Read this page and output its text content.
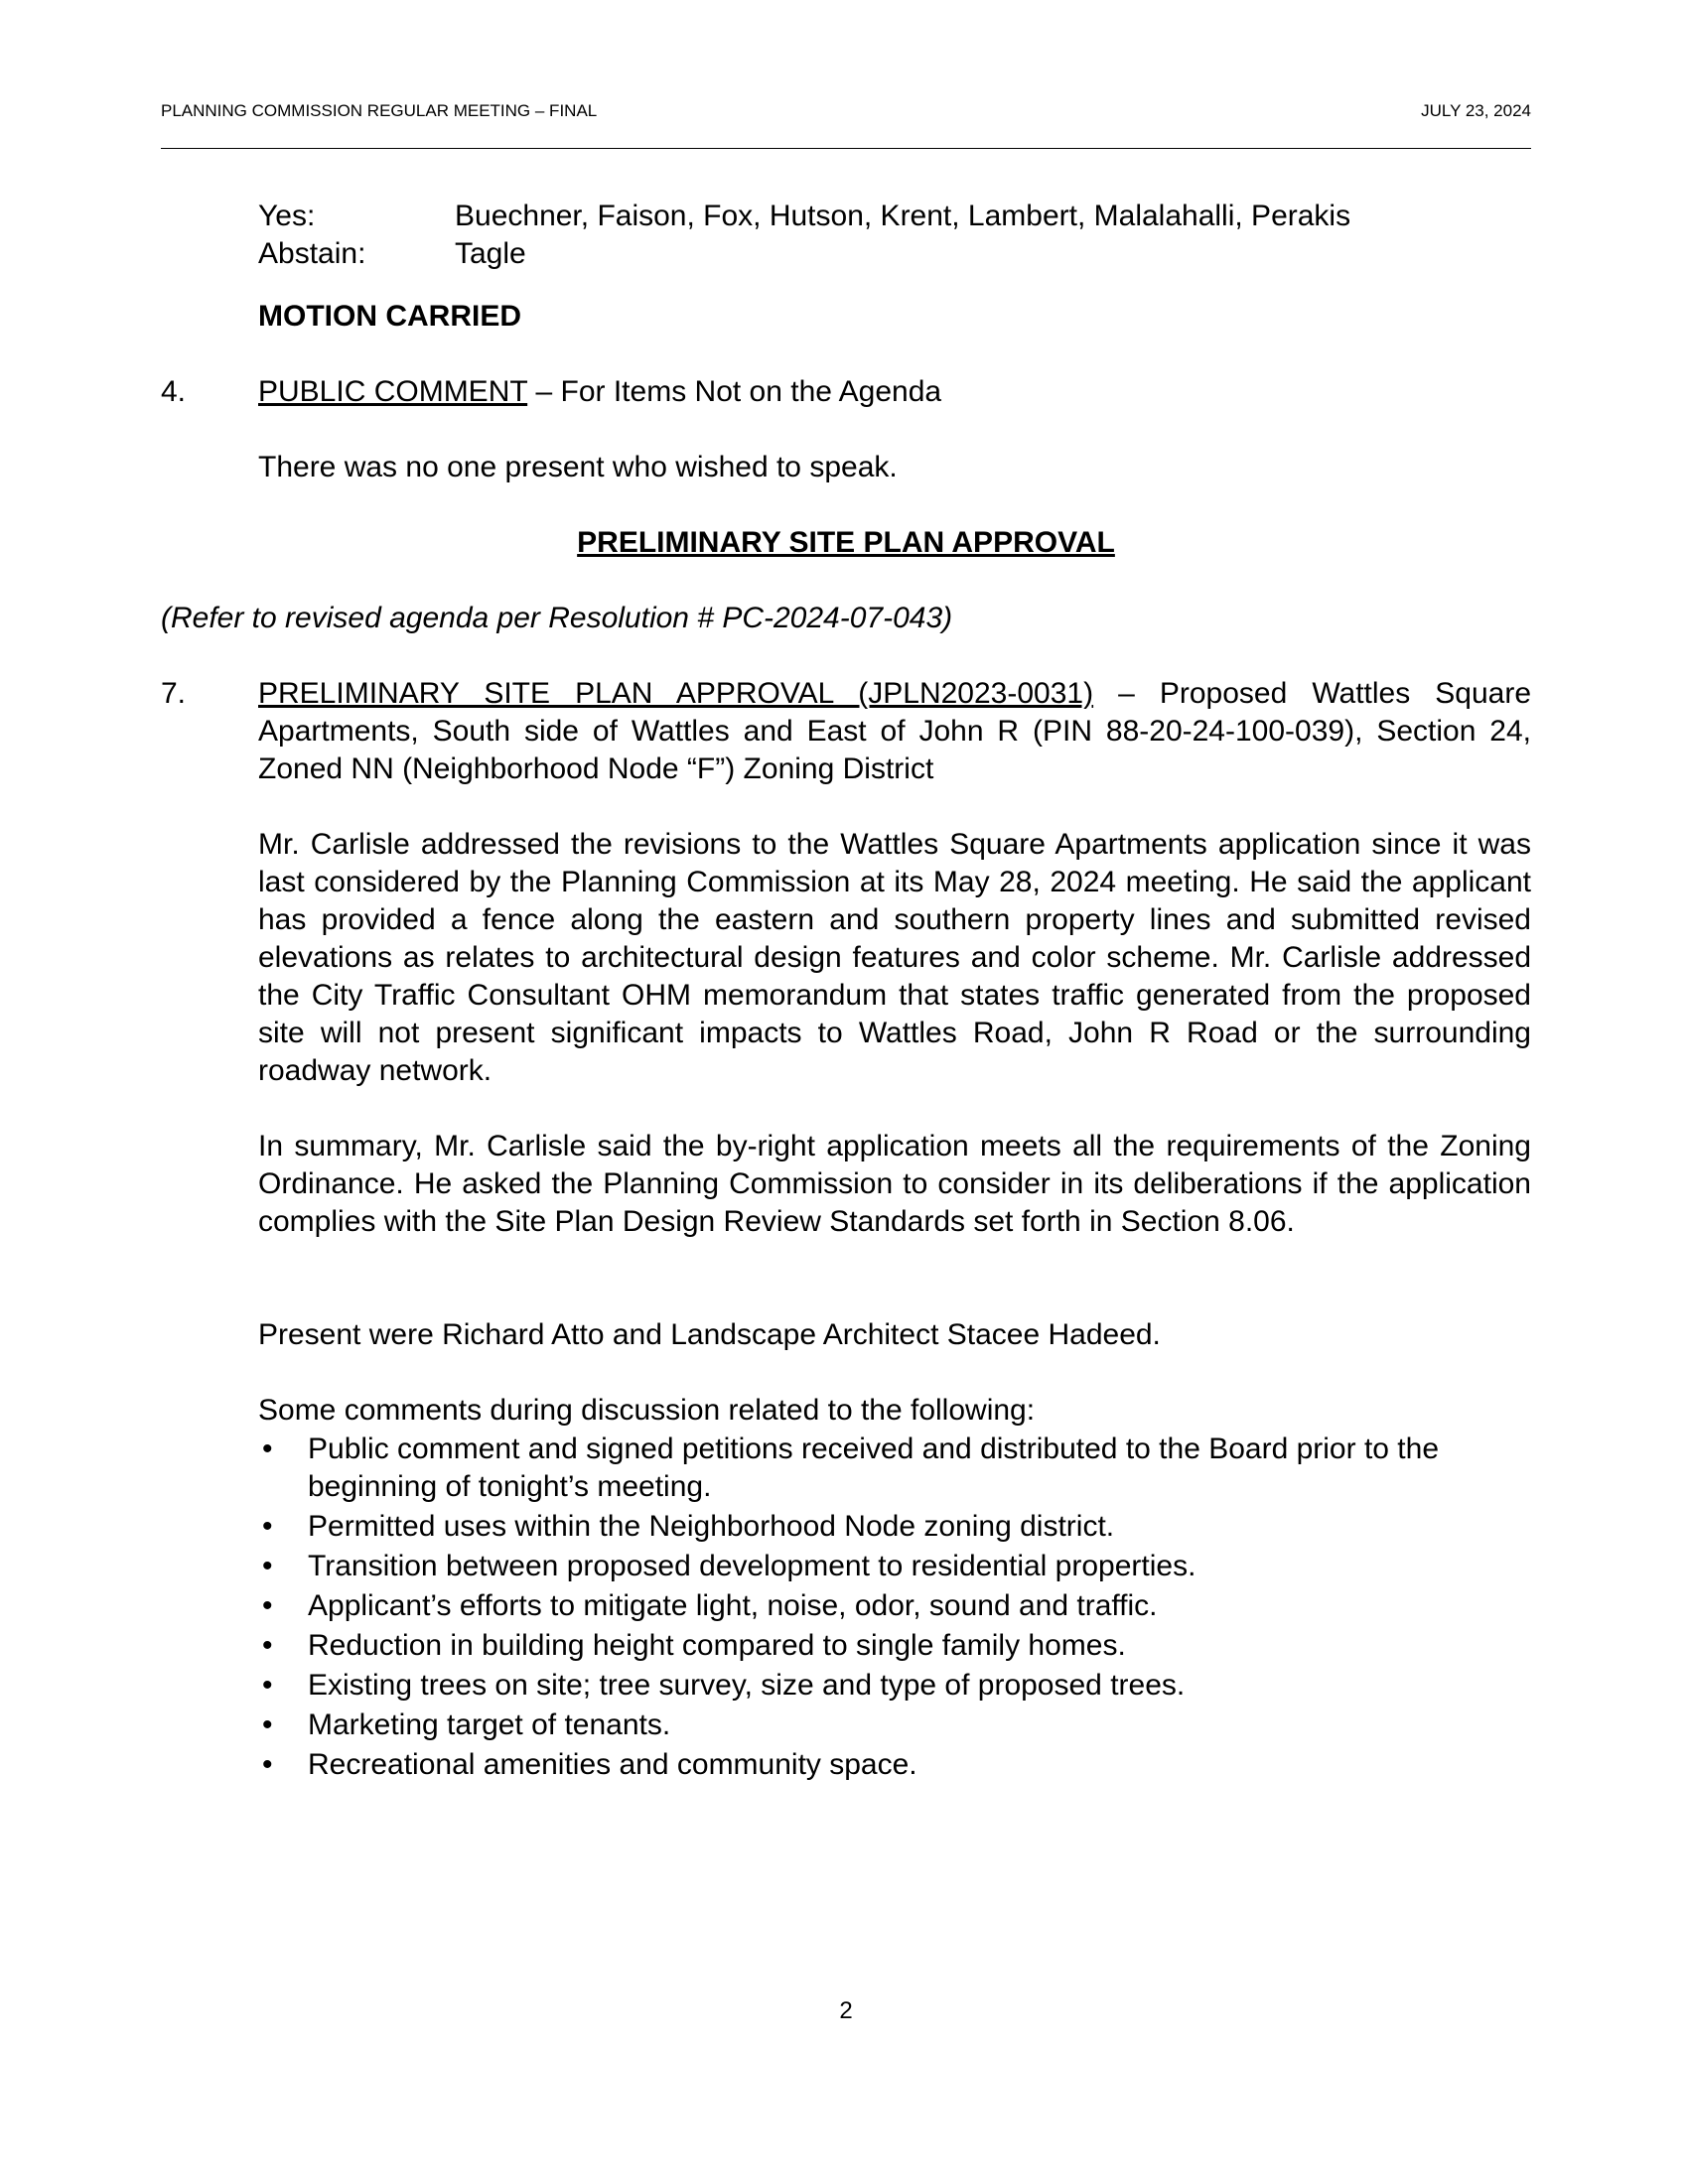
PLANNING COMMISSION REGULAR MEETING – FINAL	JULY 23, 2024
Yes:	Buechner, Faison, Fox, Hutson, Krent, Lambert, Malalahalli, Perakis
Abstain:	Tagle
MOTION CARRIED
4. PUBLIC COMMENT – For Items Not on the Agenda
There was no one present who wished to speak.
PRELIMINARY SITE PLAN APPROVAL
(Refer to revised agenda per Resolution # PC-2024-07-043)
7. PRELIMINARY SITE PLAN APPROVAL (JPLN2023-0031) – Proposed Wattles Square Apartments, South side of Wattles and East of John R (PIN 88-20-24-100-039), Section 24, Zoned NN (Neighborhood Node “F”) Zoning District
Mr. Carlisle addressed the revisions to the Wattles Square Apartments application since it was last considered by the Planning Commission at its May 28, 2024 meeting. He said the applicant has provided a fence along the eastern and southern property lines and submitted revised elevations as relates to architectural design features and color scheme. Mr. Carlisle addressed the City Traffic Consultant OHM memorandum that states traffic generated from the proposed site will not present significant impacts to Wattles Road, John R Road or the surrounding roadway network.
In summary, Mr. Carlisle said the by-right application meets all the requirements of the Zoning Ordinance. He asked the Planning Commission to consider in its deliberations if the application complies with the Site Plan Design Review Standards set forth in Section 8.06.
Present were Richard Atto and Landscape Architect Stacee Hadeed.
Some comments during discussion related to the following:
• Public comment and signed petitions received and distributed to the Board prior to the beginning of tonight’s meeting.
• Permitted uses within the Neighborhood Node zoning district.
• Transition between proposed development to residential properties.
• Applicant’s efforts to mitigate light, noise, odor, sound and traffic.
• Reduction in building height compared to single family homes.
• Existing trees on site; tree survey, size and type of proposed trees.
• Marketing target of tenants.
• Recreational amenities and community space.
2
